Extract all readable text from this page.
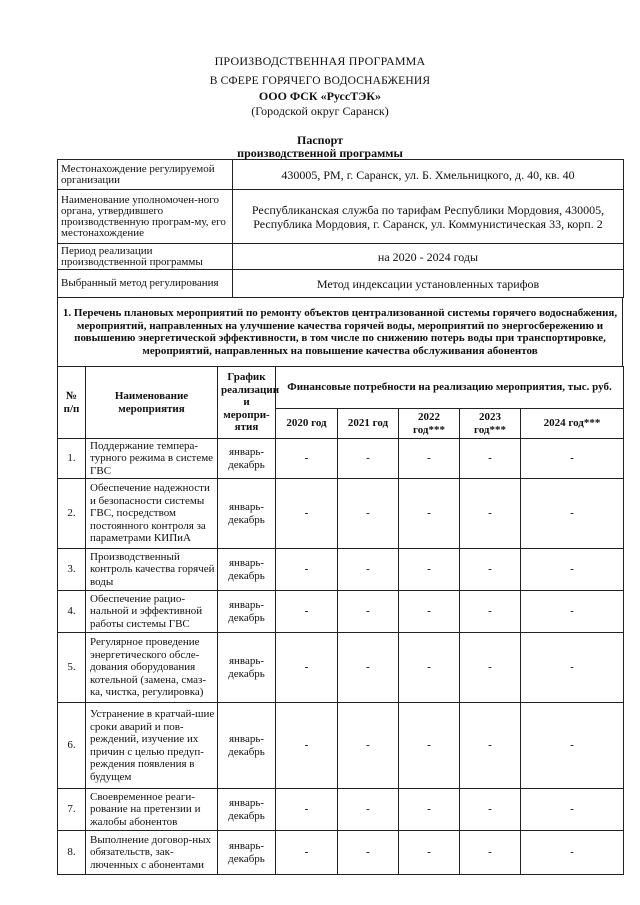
ПРОИЗВОДСТВЕННАЯ ПРОГРАММА
В СФЕРЕ ГОРЯЧЕГО ВОДОСНАБЖЕНИЯ
ООО ФСК «РуссТЭК»
(Городской округ Саранск)
Паспорт
производственной программы
Местонахождение регулируемой организации	430005, РМ, г. Саранск, ул. Б. Хмельницкого, д. 40, кв. 40
Наименование уполномочен-ного органа, утвердившего производственную програм-му, его местонахождение	Республиканская служба по тарифам Республики Мордовия, 430005, Республика Мордовия, г. Саранск, ул. Коммунистическая 33, корп. 2
Период реализации производственной программы	на 2020 - 2024 годы
Выбранный метод регулирования	Метод индексации установленных тарифов
1. Перечень плановых мероприятий по ремонту объектов централизованной системы горячего водоснабжения, мероприятий, направленных на улучшение качества горячей воды, мероприятий по энергосбережению и повышению энергетической эффективности, в том числе по снижению потерь воды при транспортировке, мероприятий, направленных на повышение качества обслуживания абонентов
№ п/п	Наименование мероприятия	График реализации и меропри-ятия	Финансовые потребности на реализацию мероприятия, тыс. руб.				
			2020 год	2021 год	2022 год***	2023 год***	2024 год***
1.	Поддержание темпера-турного режима в системе ГВС	январь-декабрь	-	-	-	-	-
2.	Обеспечение надежности и безопасности системы ГВС, посредством постоянного контроля за параметрами КИПиА	январь-декабрь	-	-	-	-	-
3.	Производственный контроль качества горячей воды	январь-декабрь	-	-	-	-	-
4.	Обеспечение рацио-нальной и эффективной работы системы ГВС	январь-декабрь	-	-	-	-	-
5.	Регулярное проведение энергетического обсле-дования оборудования котельной (замена, смаз-ка, чистка, регулировка)	январь-декабрь	-	-	-	-	-
6.	Устранение в кратчай-шие сроки аварий и пов-реждений, изучение их причин с целью предуп-реждения появления в будущем	январь-декабрь	-	-	-	-	-
7.	Своевременное реаги-рование на претензии и жалобы абонентов	январь-декабрь	-	-	-	-	-
8.	Выполнение договор-ных обязательств, зак-люченных с абонентами	январь-декабрь	-	-	-	-	-
